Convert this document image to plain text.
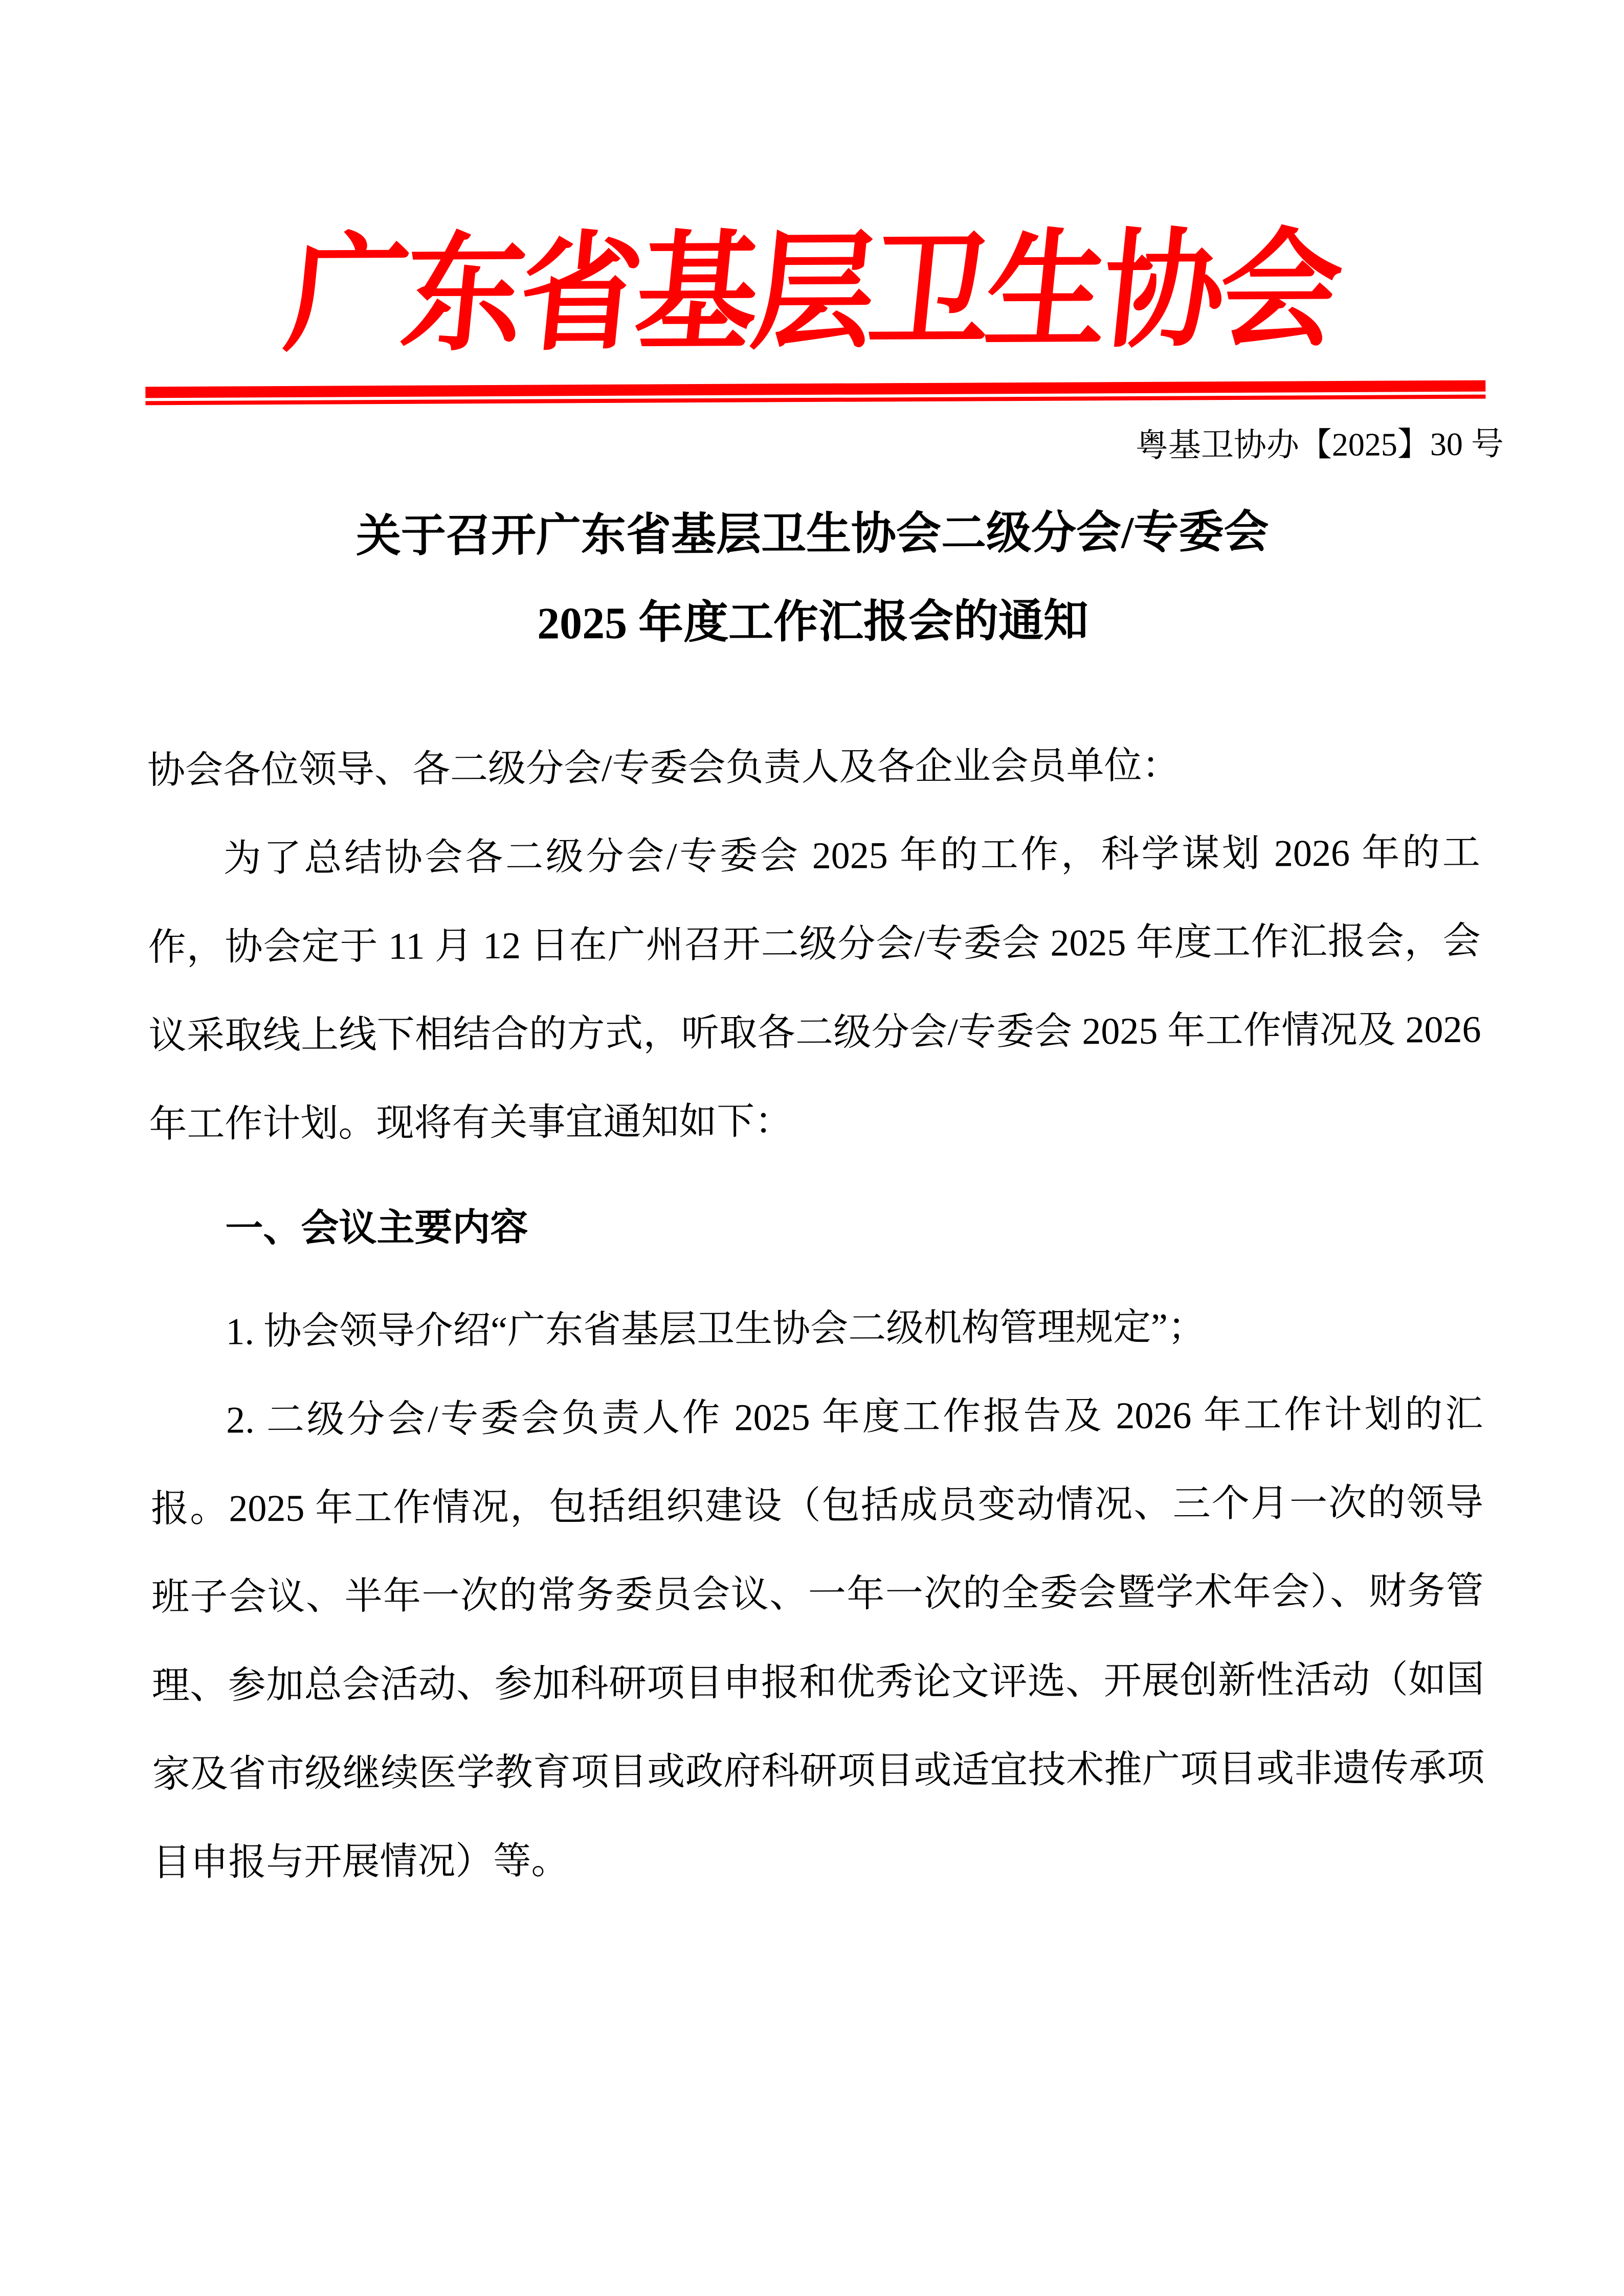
广东省基层卫生协会
粤基卫协办【2025】30 号
关于召开广东省基层卫生协会二级分会/专委会
2025 年度工作汇报会的通知

协会各位领导、各二级分会/专委会负责人及各企业会员单位：

为了总结协会各二级分会/专委会 2025 年的工作，科学谋划 2026 年的工作，协会定于 11 月 12 日在广州召开二级分会/专委会 2025 年度工作汇报会，会议采取线上线下相结合的方式，听取各二级分会/专委会 2025 年工作情况及 2026 年工作计划。现将有关事宜通知如下：

一、会议主要内容

1. 协会领导介绍“广东省基层卫生协会二级机构管理规定”；

2. 二级分会/专委会负责人作 2025 年度工作报告及 2026 年工作计划的汇报。2025 年工作情况，包括组织建设（包括成员变动情况、三个月一次的领导班子会议、半年一次的常务委员会议、一年一次的全委会暨学术年会）、财务管理、参加总会活动、参加科研项目申报和优秀论文评选、开展创新性活动（如国家及省市级继续医学教育项目或政府科研项目或适宜技术推广项目或非遗传承项目申报与开展情况）等。
